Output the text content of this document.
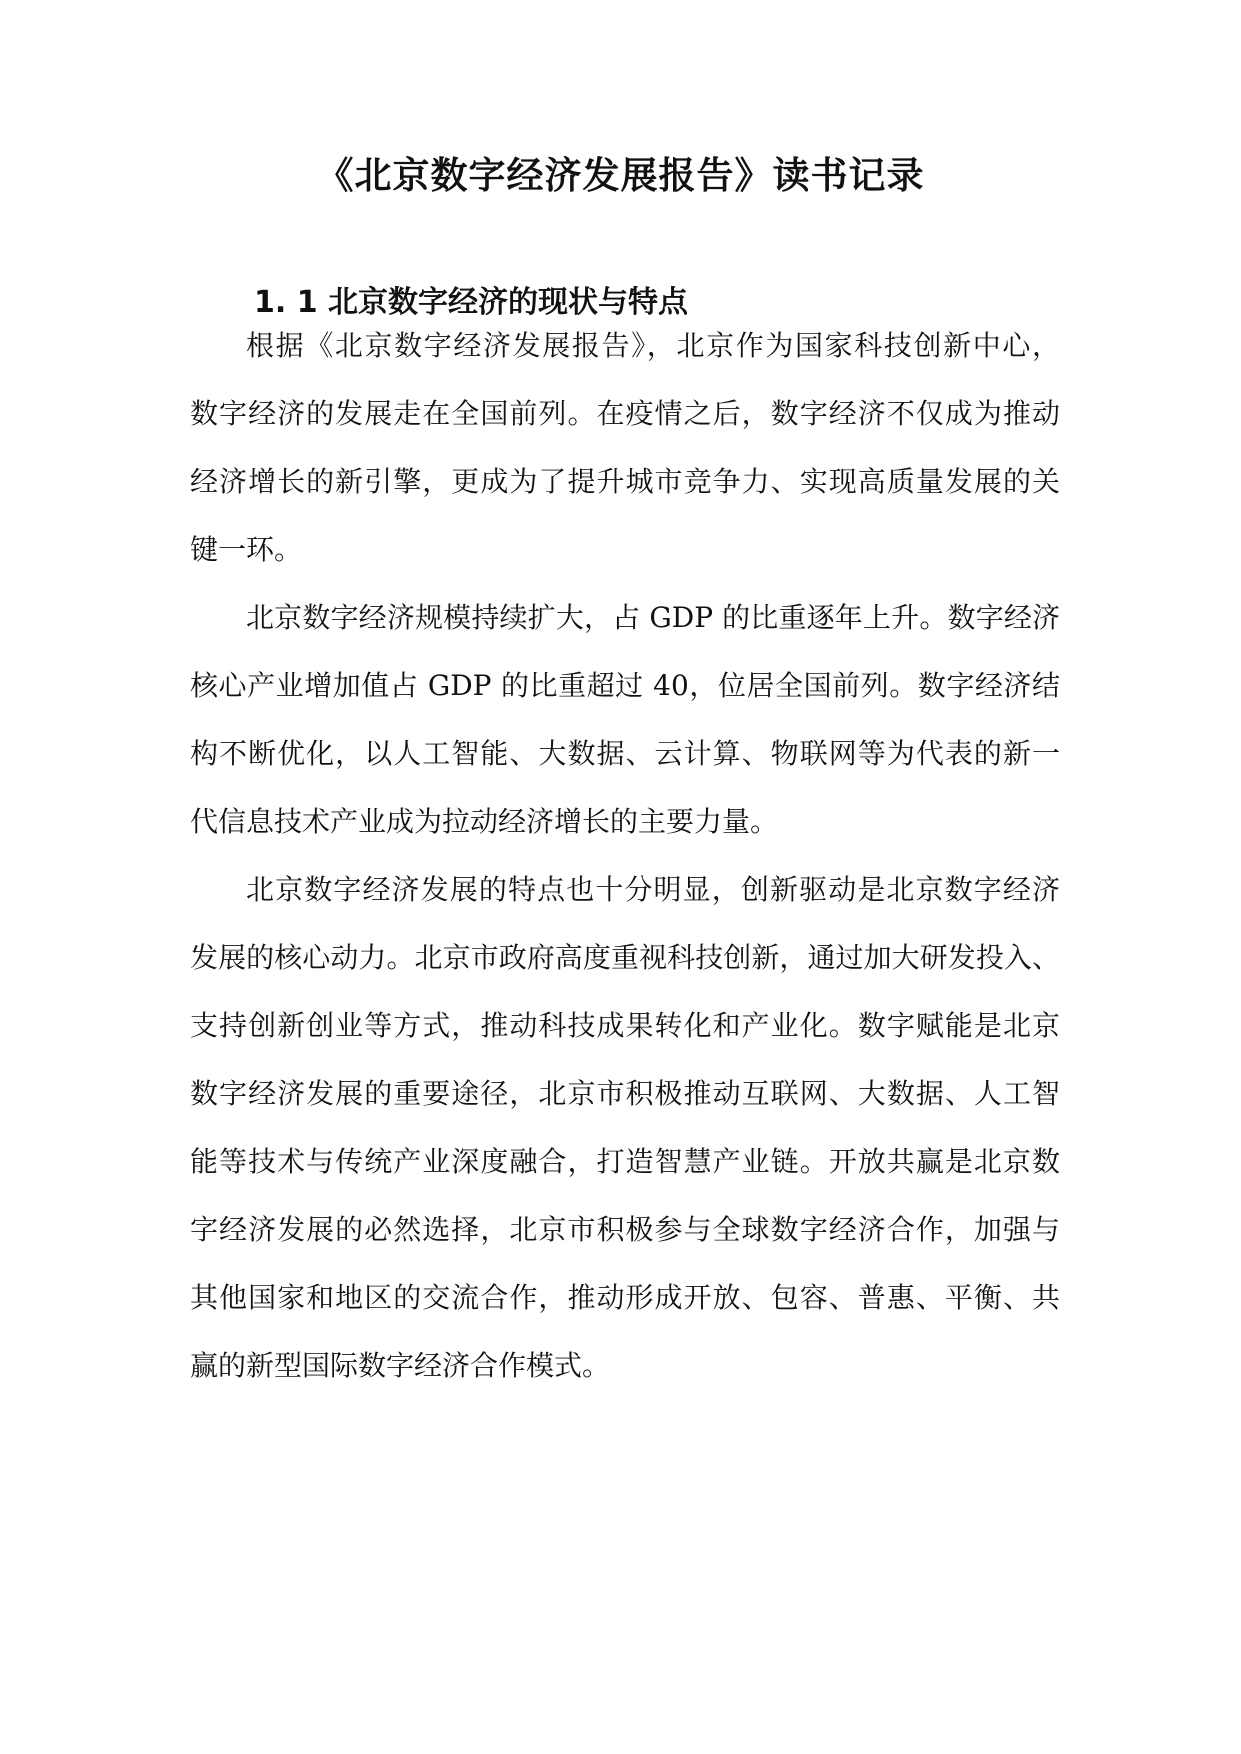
《北京数字经济发展报告》读书记录
1. 1 北京数字经济的现状与特点

根据《北京数字经济发展报告》，北京作为国家科技创新中心，

数字经济的发展走在全国前列。在疫情之后，数字经济不仅成为推动

经济增长的新引擎，更成为了提升城市竞争力、实现高质量发展的关

键一环。

北京数字经济规模持续扩大，占 GDP 的比重逐年上升。数字经济

核心产业增加值占 GDP 的比重超过 40，位居全国前列。数字经济结

构不断优化，以人工智能、大数据、云计算、物联网等为代表的新一

代信息技术产业成为拉动经济增长的主要力量。

北京数字经济发展的特点也十分明显，创新驱动是北京数字经济

发展的核心动力。北京市政府高度重视科技创新，通过加大研发投入、

支持创新创业等方式，推动科技成果转化和产业化。数字赋能是北京

数字经济发展的重要途径，北京市积极推动互联网、大数据、人工智

能等技术与传统产业深度融合，打造智慧产业链。开放共赢是北京数

字经济发展的必然选择，北京市积极参与全球数字经济合作，加强与

其他国家和地区的交流合作，推动形成开放、包容、普惠、平衡、共

赢的新型国际数字经济合作模式。
